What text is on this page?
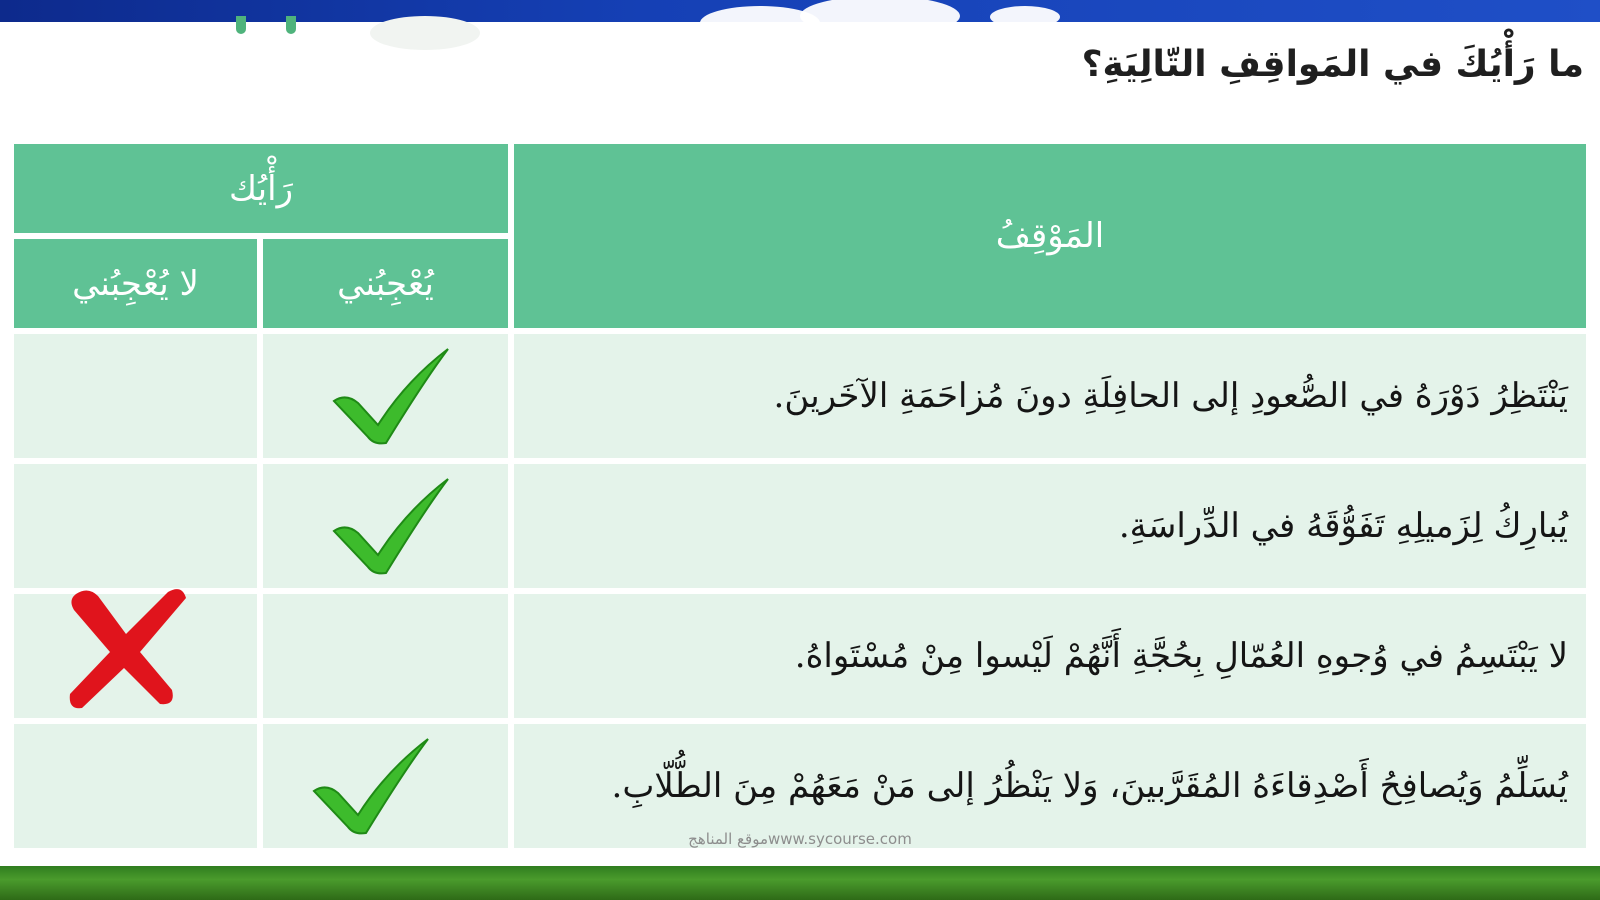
ما رَأْيُكَ في المَواقِفِ التّالِيَةِ؟
المَوْقِفُ
رَأْيُك
يُعْجِبُني
لا يُعْجِبُني
يَنْتَظِرُ دَوْرَهُ في الصُّعودِ إلى الحافِلَةِ دونَ مُزاحَمَةِ الآخَرينَ.
يُبارِكُ لِزَميلِهِ تَفَوُّقَهُ في الدِّراسَةِ.
لا يَبْتَسِمُ في وُجوهِ العُمّالِ بِحُجَّةِ أَنَّهُمْ لَيْسوا مِنْ مُسْتَواهُ.
يُسَلِّمُ وَيُصافِحُ أَصْدِقاءَهُ المُقَرَّبينَ، وَلا يَنْظُرُ إلى مَنْ مَعَهُمْ مِنَ الطُّلّابِ.
موقع المناهجwww.sycourse.com
